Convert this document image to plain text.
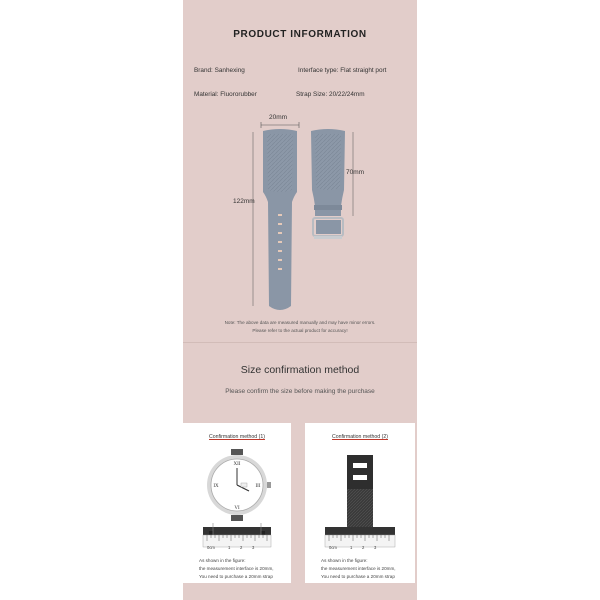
PRODUCT INFORMATION
Brand: Sanhexing	Interface type: Flat straight port
Material: Fluororubber	Strap Size: 20/22/24mm
20mm
122mm
70mm
Note: The above data are measured manually and may have minor errors.
Please refer to the actual product for accuracy!
Size confirmation method
Please confirm the size before making the purchase
Confirmation method (1)
XII
VI
III
IX
0cm	1 2 3
As shown in the figure:
the measurement interface is 20mm,
You need to purchase a 20mm strap
Confirmation method (2)
0cm	1 2 3
As shown in the figure:
the measurement interface is 20mm,
You need to purchase a 20mm strap
